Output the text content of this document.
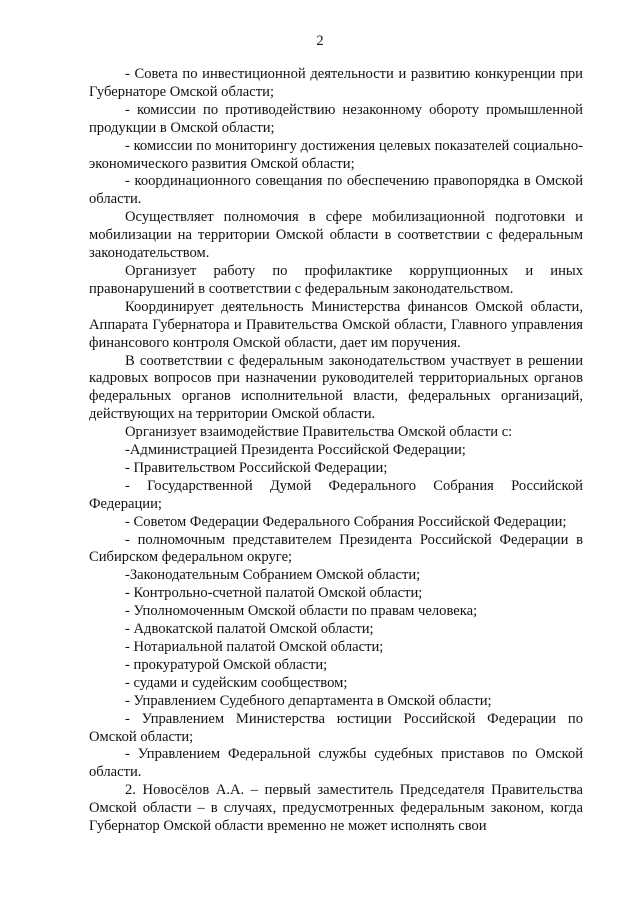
2

- Совета по инвестиционной деятельности и развитию конкуренции при Губернаторе Омской области;

- комиссии по противодействию незаконному обороту промышленной продукции в Омской области;

- комиссии по мониторингу достижения целевых показателей социально-экономического развития Омской области;

- координационного совещания по обеспечению правопорядка в Омской области.

Осуществляет полномочия в сфере мобилизационной подготовки и мобилизации на территории Омской области в соответствии с федеральным законодательством.

Организует работу по профилактике коррупционных и иных правонарушений в соответствии с федеральным законодательством.

Координирует деятельность Министерства финансов Омской области, Аппарата Губернатора и Правительства Омской области, Главного управления финансового контроля Омской области, дает им поручения.

В соответствии с федеральным законодательством участвует в решении кадровых вопросов при назначении руководителей территориальных органов федеральных органов исполнительной власти, федеральных организаций, действующих на территории Омской области.

Организует взаимодействие Правительства Омской области с:

-Администрацией Президента Российской Федерации;

- Правительством Российской Федерации;

- Государственной Думой Федерального Собрания Российской Федерации;

- Советом Федерации Федерального Собрания Российской Федерации;

- полномочным представителем Президента Российской Федерации в Сибирском федеральном округе;

-Законодательным Собранием Омской области;

- Контрольно-счетной палатой Омской области;

- Уполномоченным Омской области по правам человека;

- Адвокатской палатой Омской области;

- Нотариальной палатой Омской области;

- прокуратурой Омской области;

- судами и судейским сообществом;

- Управлением Судебного департамента в Омской области;

- Управлением Министерства юстиции Российской Федерации по Омской области;

- Управлением Федеральной службы судебных приставов по Омской области.

2. Новосёлов А.А. – первый заместитель Председателя Правительства Омской области – в случаях, предусмотренных федеральным законом, когда Губернатор Омской области временно не может исполнять свои
